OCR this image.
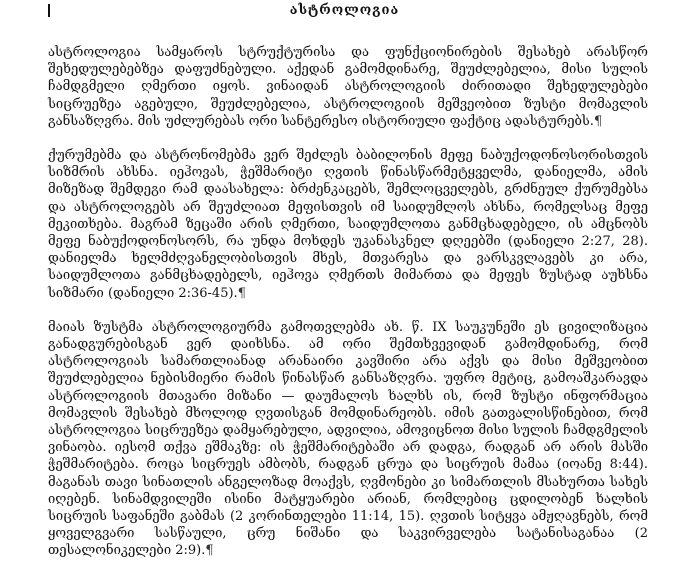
ასტროლოგია

ასტროლოგია სამყაროს სტრუქტურისა და ფუნქციონირების შესახებ არასწორ შეხედულებებზეა დაფუძნებული. აქედან გამომდინარე, შეუძლებელია, მისი სულის ჩამდგმელი ღმერთი იყოს. ვინაიდან ასტროლოგიის ძირითადი შეხედულებები სიცრუეზეა აგებული, შეუძლებელია, ასტროლოგიის მეშვეობით ზუსტი მომავლის განსაზღვრა. მის უძლურებას ორი სანტერესო ისტორიული ფაქტიც ადასტურებს.¶

ქურუმებმა და ასტრონომებმა ვერ შეძლეს ბაბილონის მეფე ნაბუქოდონოსორისთვის სიზმრის ახსნა. იეჰოვას, ჭეშმარიტი ღვთის წინასწარმეტყველმა, დანიელმა, ამის მიზეზად შემდეგი რამ დაასახელა: ბრძენკაცებს, შემლოცველებს, გრძნეულ ქურუმებსა და ასტროლოგებს არ შეუძლიათ მეფისთვის იმ საიდუმლოს ახსნა, რომელსაც მეფე მეკითხება. მაგრამ ზეცაში არის ღმერთი, საიდუმლოთა განმცხადებელი, ის ამცნობს მეფე ნაბუქოდონოსორს, რა უნდა მოხდეს უკანასკნელ დღეებში (დანიელი 2:27, 28). დანიელმა ხელმძღვანელობისთვის მხეს, მთვარესა და ვარსკვლავებს კი არა, საიდუმლოთა განმცხადებელს, იეჰოვა ღმერთს მიმართა და მეფეს ზუსტად აუხსნა სიზმარი (დანიელი 2:36-45).¶

მაიას ზუსტმა ასტროლოგიურმა გამოთვლებმა ახ. წ. IX საუკუნეში ეს ცივილიზაცია განადგურებისგან ვერ დაიხსნა. ამ ორი შემთხვევიდან გამომდინარე, რომ ასტროლოგიას სამართლიანად არანაირი კავშირი არა აქვს და მისი მეშვეობით შეუძლებელია ნებისმიერი რამის წინასწარ განსაზღვრა. უფრო მეტიც, გამოაშკარავდა ასტროლოგიის მთავარი მიზანი — დაუმალოს ხალხს ის, რომ ზუსტი ინფორმაცია მომავლის შესახებ მხოლოდ ღვთისგან მომდინარეობს. იმის გათვალისწინებით, რომ ასტროლოგია სიცრუეზეა დამყარებული, ადვილია, ამოვიცნოთ მისი სულის ჩამდგმელის ვინაობა. იესომ თქვა ეშმაკზე: ის ჭეშმარიტებაში არ დადგა, რადგან არ არის მასში ჭეშმარიტება. როცა სიცრუეს ამბობს, რადგან ცრუა და სიცრუის მამაა (იოანე 8:44). მაგანას თავი სინათლის ანგელოზად მოაქვს, ღვმონები კი სიმართლის მსახურთა სახეს იღებენ. სინამდვილეში ისინი მატყუარები არიან, რომლებიც ცდილობენ ხალხის სიცრუის საფანეში გაბმას (2 კორინთელები 11:14, 15). ღვთის სიტყვა ამჟღავნებს, რომ ყოველგვარი სასწაული, ცრუ ნიშანი და საკვირველება სატანისაგანაა (2 თესალონიკელები 2:9).¶
